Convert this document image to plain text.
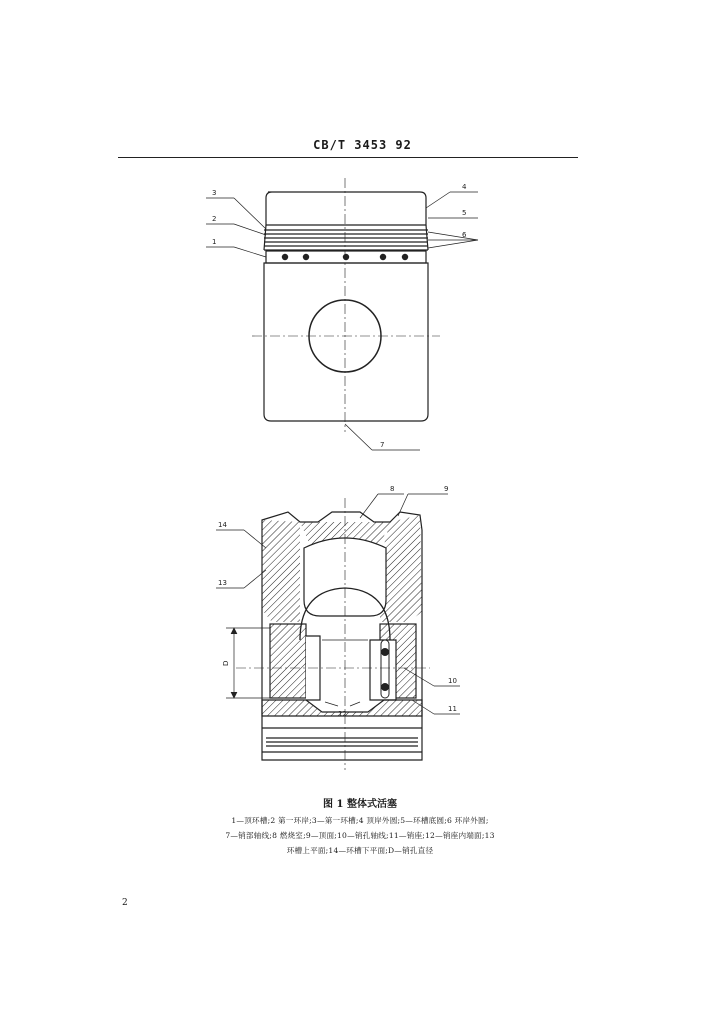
CB/T 3453 92
3
2
1
4
5
6
7
8	9
14
13
10
11
12
D
图 1 整体式活塞
1—顶环槽;2 第一环岸;3—第一环槽;4 顶岸外圆;5—环槽底圆;6 环岸外圆;
7—销部轴线;8 燃烧室;9—顶面;10—销孔轴线;11—销座;12—销座内端面;13
环槽上平面;14—环槽下平面;D—销孔直径
2
